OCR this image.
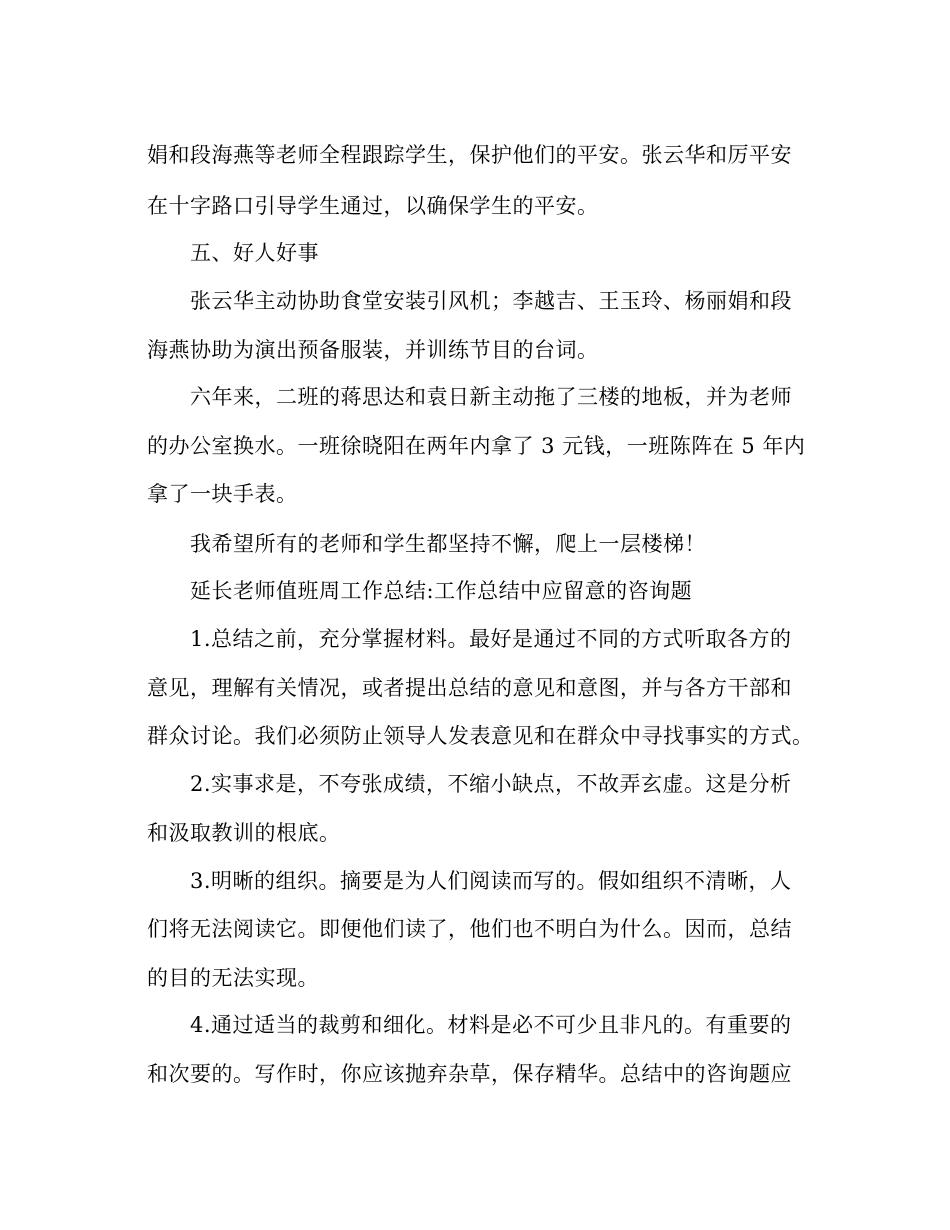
娟和段海燕等老师全程跟踪学生，保护他们的平安。张云华和厉平安
在十字路口引导学生通过，以确保学生的平安。
五、好人好事
张云华主动协助食堂安装引风机；李越吉、王玉玲、杨丽娟和段
海燕协助为演出预备服装，并训练节目的台词。
六年来，二班的蒋思达和袁日新主动拖了三楼的地板，并为老师
的办公室换水。一班徐晓阳在两年内拿了 3 元钱，一班陈阵在 5 年内
拿了一块手表。
我希望所有的老师和学生都坚持不懈，爬上一层楼梯！
延长老师值班周工作总结:工作总结中应留意的咨询题
1.总结之前，充分掌握材料。最好是通过不同的方式听取各方的
意见，理解有关情况，或者提出总结的意见和意图，并与各方干部和
群众讨论。我们必须防止领导人发表意见和在群众中寻找事实的方式。
2.实事求是，不夸张成绩，不缩小缺点，不故弄玄虚。这是分析
和汲取教训的根底。
3.明晰的组织。摘要是为人们阅读而写的。假如组织不清晰，人
们将无法阅读它。即便他们读了，他们也不明白为什么。因而，总结
的目的无法实现。
4.通过适当的裁剪和细化。材料是必不可少且非凡的。有重要的
和次要的。写作时，你应该抛弃杂草，保存精华。总结中的咨询题应
